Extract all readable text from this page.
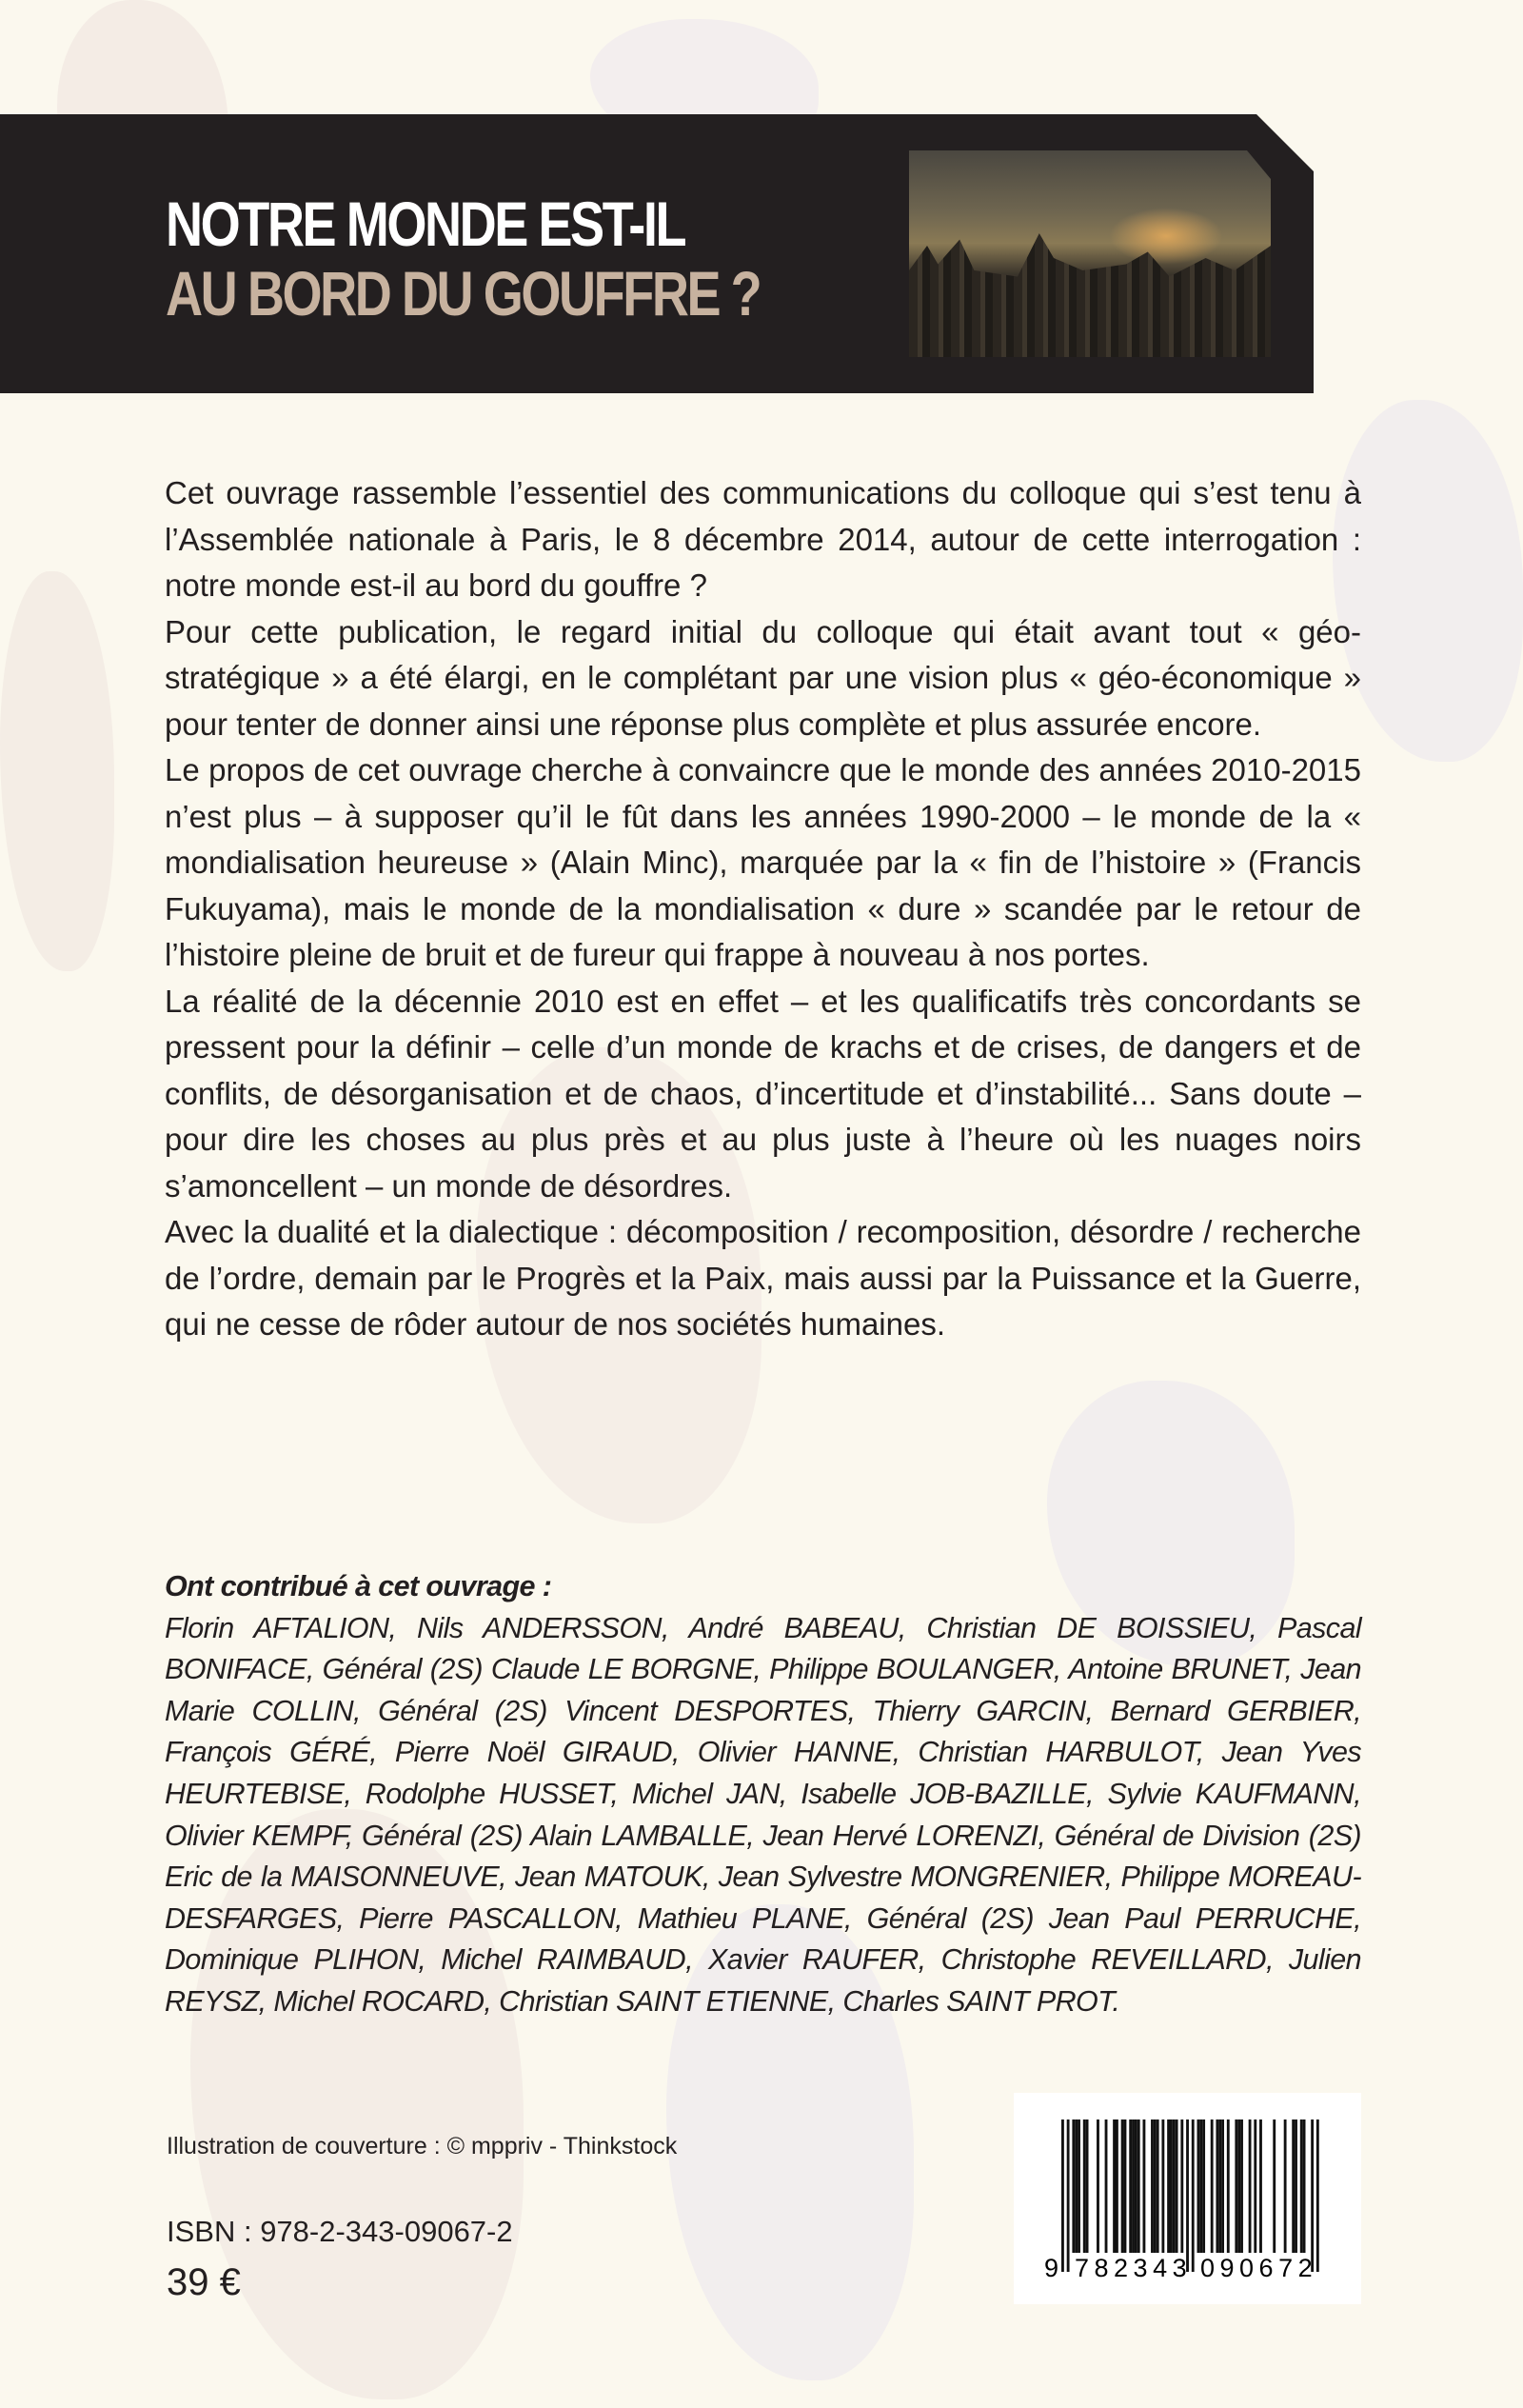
NOTRE MONDE EST-IL
AU BORD DU GOUFFRE ?

Cet ouvrage rassemble l’essentiel des communications du colloque qui s’est tenu à l’Assemblée nationale à Paris, le 8 décembre 2014, autour de cette interrogation : notre monde est-il au bord du gouffre ?

Pour cette publication, le regard initial du colloque qui était avant tout « géo-stratégique » a été élargi, en le complétant par une vision plus « géo-économique » pour tenter de donner ainsi une réponse plus complète et plus assurée encore.

Le propos de cet ouvrage cherche à convaincre que le monde des années 2010-2015 n’est plus – à supposer qu’il le fût dans les années 1990-2000 – le monde de la « mondialisation heureuse » (Alain Minc), marquée par la « fin de l’histoire » (Francis Fukuyama), mais le monde de la mondialisation « dure » scandée par le retour de l’histoire pleine de bruit et de fureur qui frappe à nouveau à nos portes.

La réalité de la décennie 2010 est en effet – et les qualificatifs très concordants se pressent pour la définir – celle d’un monde de krachs et de crises, de dangers et de conflits, de désorganisation et de chaos, d’incertitude et d’instabilité... Sans doute – pour dire les choses au plus près et au plus juste à l’heure où les nuages noirs s’amoncellent – un monde de désordres.

Avec la dualité et la dialectique : décomposition / recomposition, désordre / recherche de l’ordre, demain par le Progrès et la Paix, mais aussi par la Puissance et la Guerre, qui ne cesse de rôder autour de nos sociétés humaines.

Ont contribué à cet ouvrage :
Florin AFTALION, Nils ANDERSSON, André BABEAU, Christian DE BOISSIEU, Pascal BONIFACE, Général (2S) Claude LE BORGNE, Philippe BOULANGER, Antoine BRUNET, Jean Marie COLLIN, Général (2S) Vincent DESPORTES, Thierry GARCIN, Bernard GERBIER, François GÉRÉ, Pierre Noël GIRAUD, Olivier HANNE, Christian HARBULOT, Jean Yves HEURTEBISE, Rodolphe HUSSET, Michel JAN, Isabelle JOB-BAZILLE, Sylvie KAUFMANN, Olivier KEMPF, Général (2S) Alain LAMBALLE, Jean Hervé LORENZI, Général de Division (2S) Eric de la MAISONNEUVE, Jean MATOUK, Jean Sylvestre MONGRENIER, Philippe MOREAU-DESFARGES, Pierre PASCALLON, Mathieu PLANE, Général (2S) Jean Paul PERRUCHE, Dominique PLIHON, Michel RAIMBAUD, Xavier RAUFER, Christophe REVEILLARD, Julien REYSZ, Michel ROCARD, Christian SAINT ETIENNE, Charles SAINT PROT.
Illustration de couverture : © mppriv - Thinkstock
ISBN : 978-2-343-09067-2
39 €	9 782343 090672
